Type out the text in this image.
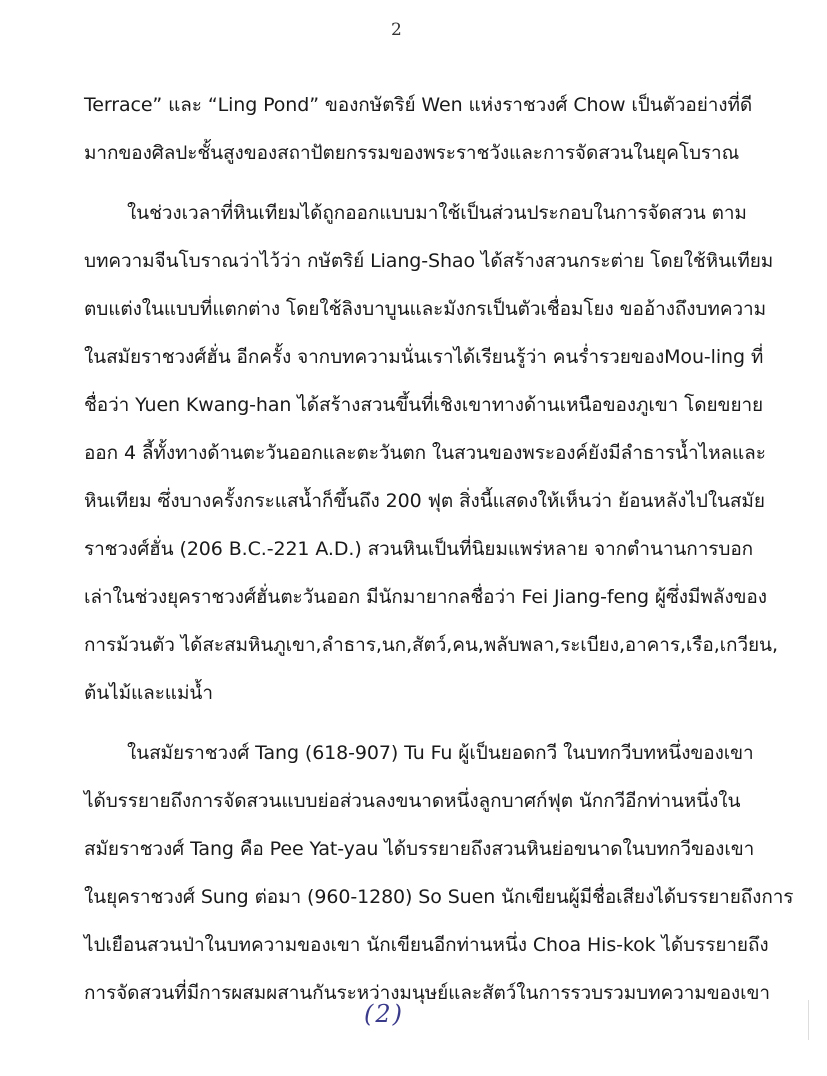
2
Terrace” และ “Ling Pond” ของกษัตริย์ Wen แห่งราชวงศ์ Chow เป็นตัวอย่างที่ดี
มากของศิลปะชั้นสูงของสถาปัตยกรรมของพระราชวังและการจัดสวนในยุคโบราณ
ในช่วงเวลาที่หินเทียมได้ถูกออกแบบมาใช้เป็นส่วนประกอบในการจัดสวน ตาม
บทความจีนโบราณว่าไว้ว่า กษัตริย์ Liang-Shao ได้สร้างสวนกระต่าย โดยใช้หินเทียม
ตบแต่งในแบบที่แตกต่าง โดยใช้ลิงบาบูนและมังกรเป็นตัวเชื่อมโยง ขออ้างถึงบทความ
ในสมัยราชวงศ์ฮั่น อีกครั้ง จากบทความนั่นเราได้เรียนรู้ว่า คนร่ำรวยของMou-ling ที่
ชื่อว่า Yuen Kwang-han ได้สร้างสวนขึ้นที่เชิงเขาทางด้านเหนือของภูเขา โดยขยาย
ออก 4 ลี้ทั้งทางด้านตะวันออกและตะวันตก ในสวนของพระองค์ยังมีลำธารน้ำไหลและ
หินเทียม ซึ่งบางครั้งกระแสน้ำก็ขึ้นถึง 200 ฟุต สิ่งนี้แสดงให้เห็นว่า ย้อนหลังไปในสมัย
ราชวงศ์ฮั่น (206 B.C.-221 A.D.) สวนหินเป็นที่นิยมแพร่หลาย จากตำนานการบอก
เล่าในช่วงยุคราชวงศ์ฮั่นตะวันออก มีนักมายากลชื่อว่า Fei Jiang-feng ผู้ซึ่งมีพลังของ
การม้วนตัว ได้สะสมหินภูเขา,ลำธาร,นก,สัตว์,คน,พลับพลา,ระเบียง,อาคาร,เรือ,เกวียน,
ต้นไม้และแม่น้ำ
ในสมัยราชวงศ์ Tang (618-907) Tu Fu ผู้เป็นยอดกวี ในบทกวีบทหนึ่งของเขา
ได้บรรยายถึงการจัดสวนแบบย่อส่วนลงขนาดหนึ่งลูกบาศก์ฟุต นักกวีอีกท่านหนึ่งใน
สมัยราชวงศ์ Tang คือ Pee Yat-yau ได้บรรยายถึงสวนหินย่อขนาดในบทกวีของเขา
ในยุคราชวงศ์ Sung ต่อมา (960-1280) So Suen นักเขียนผู้มีชื่อเสียงได้บรรยายถึงการ
ไปเยือนสวนป่าในบทความของเขา นักเขียนอีกท่านหนึ่ง Choa His-kok ได้บรรยายถึง
การจัดสวนที่มีการผสมผสานกันระหว่างมนุษย์และสัตว์ในการรวบรวมบทความของเขา
(2)
